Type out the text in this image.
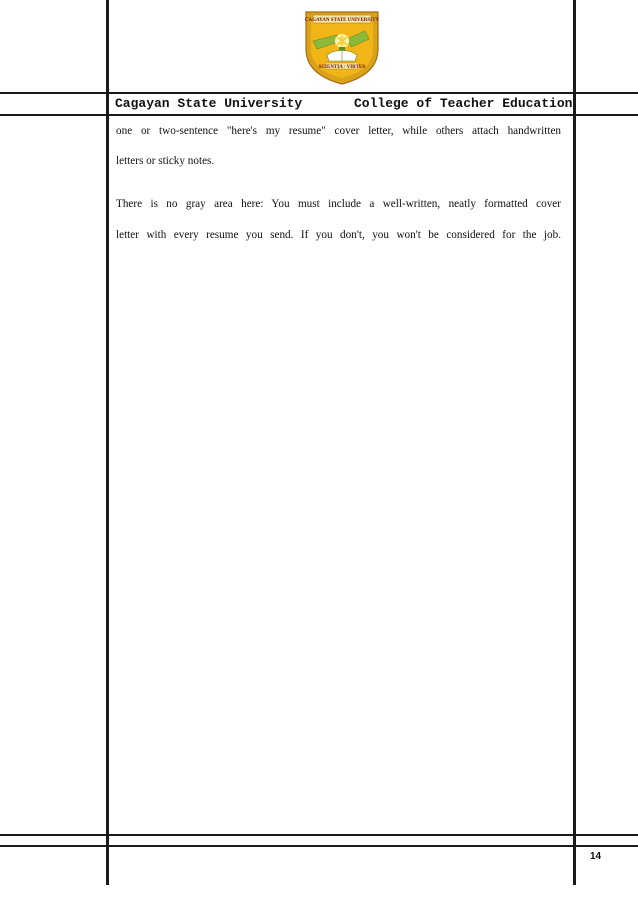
CAGAYAN STATE UNIVERSITY
SCIENTIA · VIRTUS
Cagayan State University	College of Teacher Education
one or two-sentence "here's my resume" cover letter, while others attach handwritten
letters or sticky notes.
There is no gray area here: You must include a well-written, neatly formatted cover
letter with every resume you send. If you don't, you won't be considered for the job.
14
